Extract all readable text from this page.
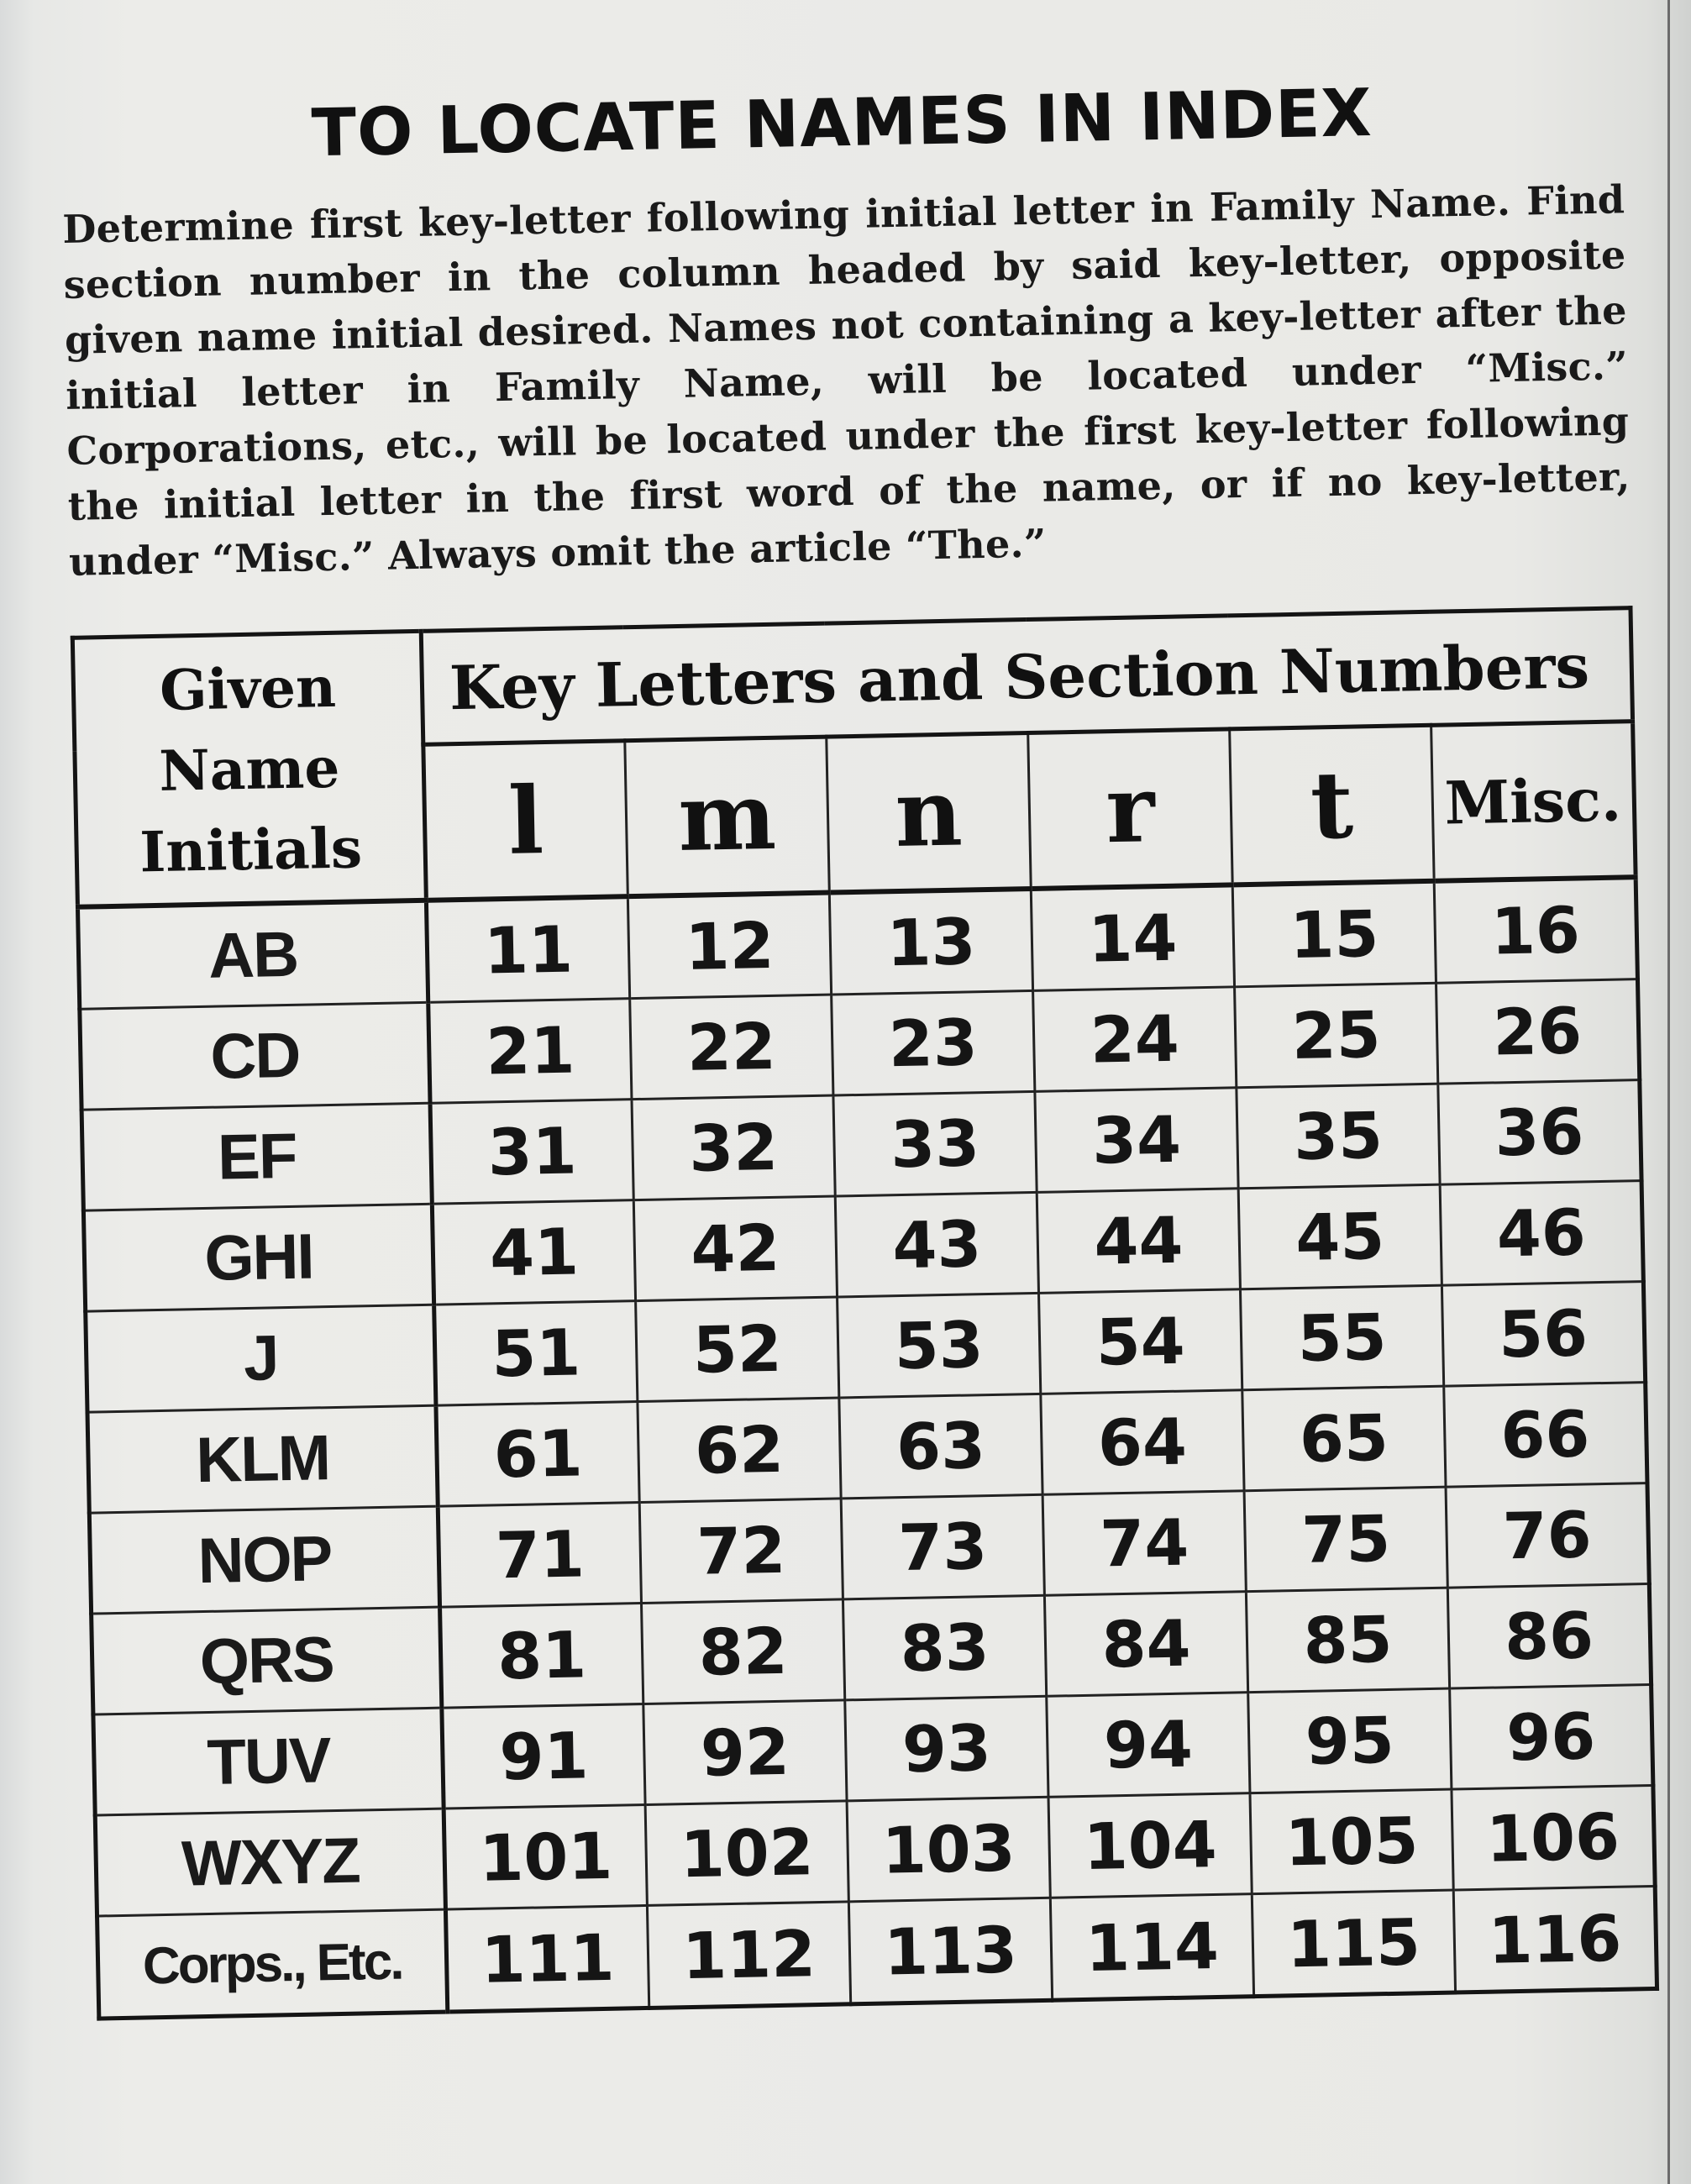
TO LOCATE NAMES IN INDEX

Determine first key-letter following initial letter in Family Name. Find section number in the column headed by said key-letter, opposite given name initial desired. Names not containing a key-letter after the initial letter in Family Name, will be located under “Misc.” Corporations, etc., will be located under the first key-letter following the initial letter in the first word of the name, or if no key-letter, under “Misc.” Always omit the article “The.”

Given
Name
Initials	Key Letters and Section Numbers					
	l	m	n	r	t	Misc.
AB	11	12	13	14	15	16
CD	21	22	23	24	25	26
EF	31	32	33	34	35	36
GHI	41	42	43	44	45	46
J	51	52	53	54	55	56
KLM	61	62	63	64	65	66
NOP	71	72	73	74	75	76
QRS	81	82	83	84	85	86
TUV	91	92	93	94	95	96
WXYZ	101	102	103	104	105	106
Corps., Etc.	111	112	113	114	115	116
